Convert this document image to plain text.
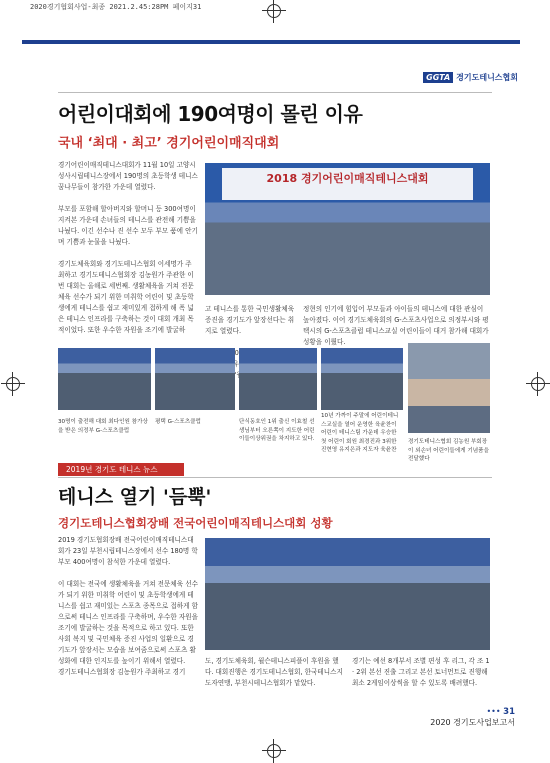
2020경기협회사업-최종 2021.2.45:28PM 페이지31
GGTA 경기도테니스협회
어린이대회에 190여명이 몰린 이유
국내 ‘최대 · 최고’ 경기어린이매직대회
경기어린이매직테니스대회가 11월 10일 고양시 성사시립테니스장에서 190명의 초등학생 테니스 꿈나무들이 참가한 가운데 열렸다.

부모를 포함해 할아버지와 할머니 등 300여명이 지켜본 가운데 손녀들의 테니스를 관전해 기쁨을 나눴다. 이긴 선수나 진 선수 모두 부모 품에 안기며 기쁨과 눈물을 나눴다.

경기도체육회와 경기도테니스협회 이세명가 주최하고 경기도테니스협회장 김농원가 주관한 이번 대회는 올해로 세번째. 생활체육을 거쳐 전문체육 선수가 되기 위한 미취학 어린이 및 초등학생에게 테니스를 쉽고 재미있게 접하게 해 폭 넓은 테니스 인프라를 구축하는 것이 대회 개최 목적이었다. 또한 우수한 자원을 조기에 발굴하
2018 경기어린이매직테니스대회
고 테니스를 통한 국민생활체육 증진을 경기도가 앞장선다는 취지로 열렸다.

이유는
정현의 인기에 힘입어 부모들과 아이들의 테니스에 대한 관심이 높아졌다. 이어 경기도체육회의 G-스포츠사업으로 의정부시와 평택시의 G-스포츠클럽 테니스교실 어린이들이 대거 참가해 대회가 성황을 이뤘다.
30명이 출전해 대회 최다인원 참가상을 받은 의정부 G-스포츠클럽
평택 G-스포츠클럽	단식동호인 1위 출신 이효철 선생님부터 오른쪽이 지도한 어린이들이상위권을 차지하고 있다.
10년 가까이 주말에 어린이테니스교실을 열어 운영한 육윤찬이 어린이 테니스팀 가운데 우승한 첫 어린이 회원 최경진과 3위한 진현영 유지은과 지도자 육윤찬
경기도테니스협회 김농원 부회장이 외손녀 어린이들에게 기념품을 전달했다
2019년 경기도 테니스 뉴스
테니스 열기 '듬뿍'
경기도테니스협회장배 전국어린이매직테니스대회 성황
2019 경기도협회장배 전국어린이매직테니스대회가 23일 부천시립테니스장에서 선수 180명 학부모 400여명이 참석한 가운데 열렸다.

이 대회는 전국에 생활체육을 거쳐 전문체육 선수가 되기 위한 미취학 어린이 및 초등학생에게 테니스를 쉽고 재미있는 스포츠 종목으로 접하게 함으로써 테니스 인프라를 구축하며, 우수한 자원을 조기에 발굴하는 것을 목적으로 하고 있다. 또한 사회 복지 및 국민체육 증진 사업의 일환으로 경기도가 앞장서는 모습을 보여줌으로써 스포츠 활성화에 대한 인지도를 높이기 위해서 열렸다.
경기도테니스협회장 김농원가 주최하고 경기
도, 경기도체육회, 월슨테니스피플이 후원을 했다. 대회진행은 경기도테니스협회, 한국테니스지도자연맹, 부천시테니스협회가 맡았다.
경기는 예선 8개부서 조별 편성 후 리그, 각 조 1 · 2위 본선 진출 그리고 본선 토너먼트로 진행해 최소 2게임이상씩을 할 수 있도록 배려했다.
••• 31
2020 경기도사업보고서
